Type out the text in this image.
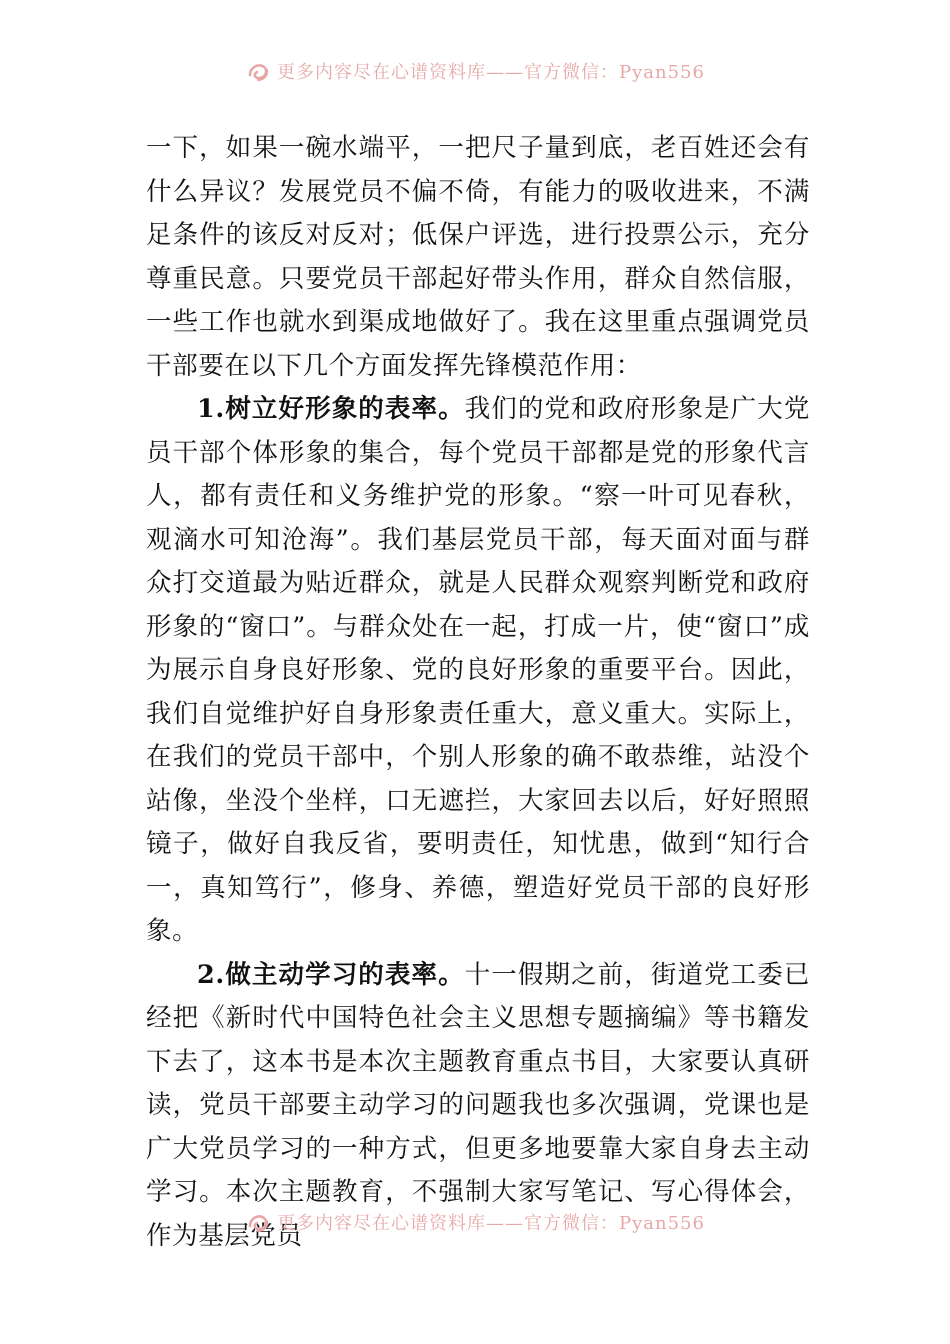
更多内容尽在心谱资料库——官方微信：Pyan556

一下，如果一碗水端平，一把尺子量到底，老百姓还会有什么异议？发展党员不偏不倚，有能力的吸收进来，不满足条件的该反对反对；低保户评选，进行投票公示，充分尊重民意。只要党员干部起好带头作用，群众自然信服，一些工作也就水到渠成地做好了。我在这里重点强调党员干部要在以下几个方面发挥先锋模范作用：

1.树立好形象的表率。我们的党和政府形象是广大党员干部个体形象的集合，每个党员干部都是党的形象代言人，都有责任和义务维护党的形象。“察一叶可见春秋，观滴水可知沧海”。我们基层党员干部，每天面对面与群众打交道最为贴近群众，就是人民群众观察判断党和政府形象的“窗口”。与群众处在一起，打成一片，使“窗口”成为展示自身良好形象、党的良好形象的重要平台。因此，我们自觉维护好自身形象责任重大，意义重大。实际上，在我们的党员干部中，个别人形象的确不敢恭维，站没个站像，坐没个坐样，口无遮拦，大家回去以后，好好照照镜子，做好自我反省，要明责任，知忧患，做到“知行合一，真知笃行”，修身、养德，塑造好党员干部的良好形象。

2.做主动学习的表率。十一假期之前，街道党工委已经把《新时代中国特色社会主义思想专题摘编》等书籍发下去了，这本书是本次主题教育重点书目，大家要认真研读，党员干部要主动学习的问题我也多次强调，党课也是广大党员学习的一种方式，但更多地要靠大家自身去主动学习。本次主题教育，不强制大家写笔记、写心得体会，作为基层党员

更多内容尽在心谱资料库——官方微信：Pyan556
